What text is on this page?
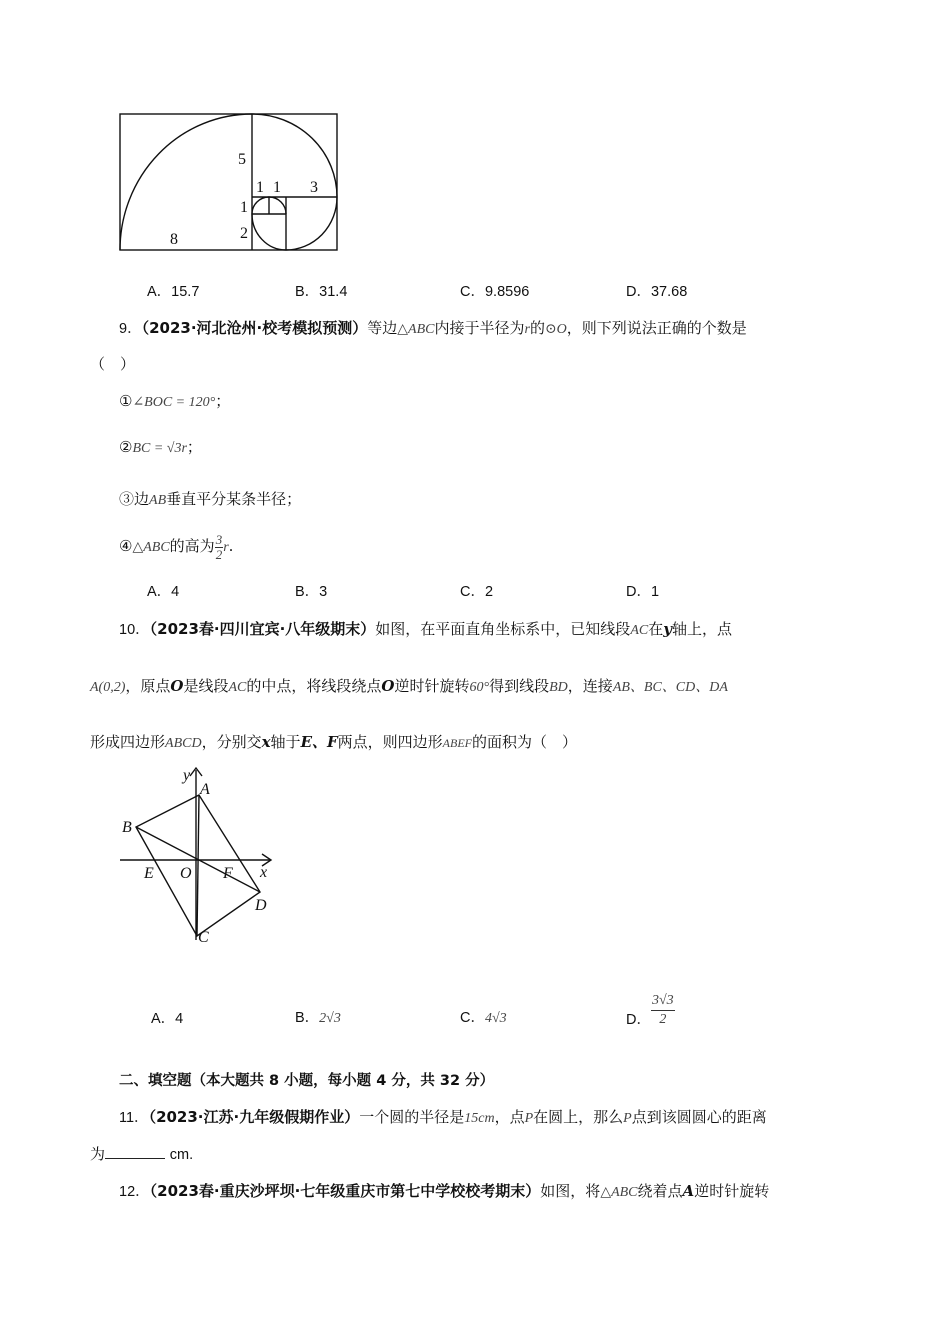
5
1 1 3
1
2
8
A．15.7	B．31.4	C．9.8596	D．37.68
9．（2023·河北沧州·校考模拟预测）等边△ABC内接于半径为r的⊙O，则下列说法正确的个数是
（　）
①∠BOC = 120°；
②BC = √3r；
③边AB垂直平分某条半径；
④△ABC的高为 $\frac{3}{2} r$.
A．4	B．3	C．2	D．1
10．（2023春·四川宜宾·八年级期末）如图，在平面直角坐标系中，已知线段AC在y轴上，点
A(0,2)，原点O是线段AC的中点，将线段绕点O逆时针旋转60°得到线段BD，连接AB、BC、CD、DA
形成四边形ABCD，分别交x轴于E、F两点，则四边形ABEF的面积为（　）
y
x
A
B
E O F
D
C
A．4	B．2√3	C．4√3	D． $\frac{3√3}{2}$
二、填空题（本大题共 8 小题，每小题 4 分，共 32 分）
11．（2023·江苏·九年级假期作业）一个圆的半径是15cm，点P在圆上，那么P点到该圆圆心的距离
为	cm.
12．（2023春·重庆沙坪坝·七年级重庆市第七中学校校考期末）如图，将△ABC绕着点A逆时针旋转
